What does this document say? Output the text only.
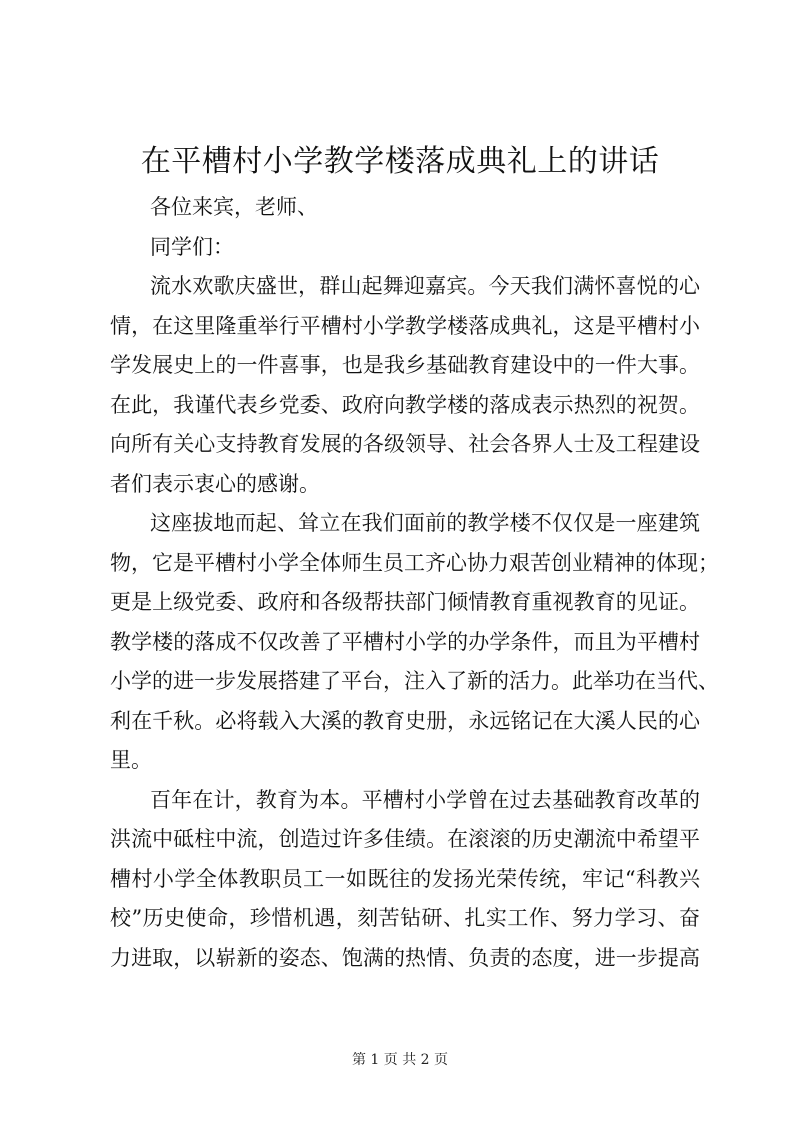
在平槽村小学教学楼落成典礼上的讲话
各位来宾，老师、
同学们：
流水欢歌庆盛世，群山起舞迎嘉宾。今天我们满怀喜悦的心
情，在这里隆重举行平槽村小学教学楼落成典礼，这是平槽村小
学发展史上的一件喜事，也是我乡基础教育建设中的一件大事。
在此，我谨代表乡党委、政府向教学楼的落成表示热烈的祝贺。
向所有关心支持教育发展的各级领导、社会各界人士及工程建设
者们表示衷心的感谢。
这座拔地而起、耸立在我们面前的教学楼不仅仅是一座建筑
物，它是平槽村小学全体师生员工齐心协力艰苦创业精神的体现；
更是上级党委、政府和各级帮扶部门倾情教育重视教育的见证。
教学楼的落成不仅改善了平槽村小学的办学条件，而且为平槽村
小学的进一步发展搭建了平台，注入了新的活力。此举功在当代、
利在千秋。必将载入大溪的教育史册，永远铭记在大溪人民的心
里。
百年在计，教育为本。平槽村小学曾在过去基础教育改革的
洪流中砥柱中流，创造过许多佳绩。在滚滚的历史潮流中希望平
槽村小学全体教职员工一如既往的发扬光荣传统，牢记“科教兴
校”历史使命，珍惜机遇，刻苦钻研、扎实工作、努力学习、奋
力进取，以崭新的姿态、饱满的热情、负责的态度，进一步提高
第 1 页 共 2 页
